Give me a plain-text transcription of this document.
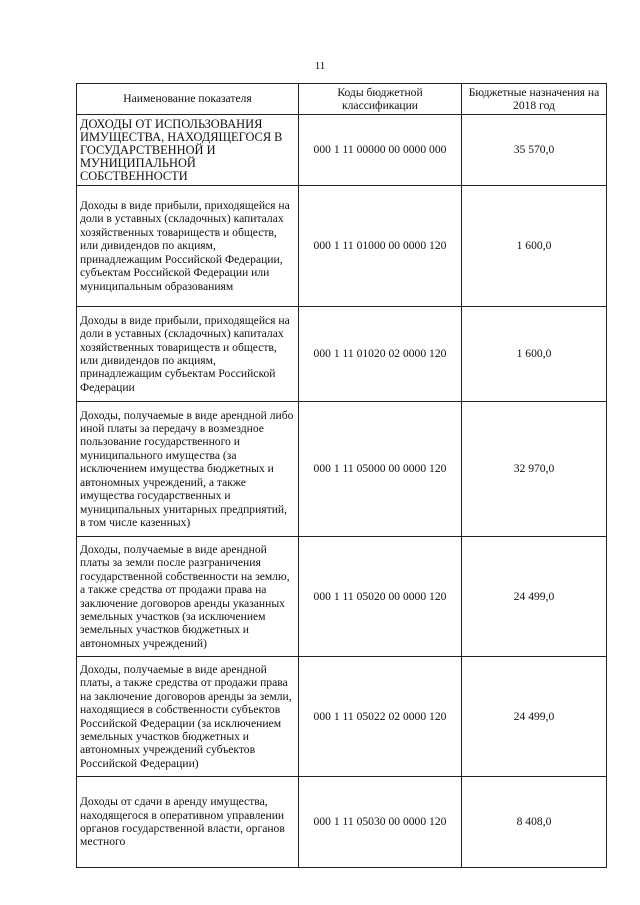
11
Наименование показателя	Коды бюджетной классификации	Бюджетные назначения на 2018 год
ДОХОДЫ ОТ ИСПОЛЬЗОВАНИЯ ИМУЩЕСТВА, НАХОДЯЩЕГОСЯ В ГОСУДАРСТВЕННОЙ И МУНИЦИПАЛЬНОЙ СОБСТВЕННОСТИ	000 1 11 00000 00 0000 000	35 570,0
Доходы в виде прибыли, приходящейся на доли в уставных (складочных) капиталах хозяйственных товариществ и обществ, или дивидендов по акциям, принадлежащим Российской Федерации, субъектам Российской Федерации или муниципальным образованиям	000 1 11 01000 00 0000 120	1 600,0
Доходы в виде прибыли, приходящейся на доли в уставных (складочных) капиталах хозяйственных товариществ и обществ, или дивидендов по акциям, принадлежащим субъектам Российской Федерации	000 1 11 01020 02 0000 120	1 600,0
Доходы, получаемые в виде арендной либо иной платы за передачу в возмездное пользование государственного и муниципального имущества (за исключением имущества бюджетных и автономных учреждений, а также имущества государственных и муниципальных унитарных предприятий, в том числе казенных)	000 1 11 05000 00 0000 120	32 970,0
Доходы, получаемые в виде арендной платы за земли после разграничения государственной собственности на землю, а также средства от продажи права на заключение договоров аренды указанных земельных участков (за исключением земельных участков бюджетных и автономных учреждений)	000 1 11 05020 00 0000 120	24 499,0
Доходы, получаемые в виде арендной платы, а также средства от продажи права на заключение договоров аренды за земли, находящиеся в собственности субъектов Российской Федерации (за исключением земельных участков бюджетных и автономных учреждений субъектов Российской Федерации)	000 1 11 05022 02 0000 120	24 499,0
Доходы от сдачи в аренду имущества, находящегося в оперативном управлении органов государственной власти, органов местного	000 1 11 05030 00 0000 120	8 408,0
